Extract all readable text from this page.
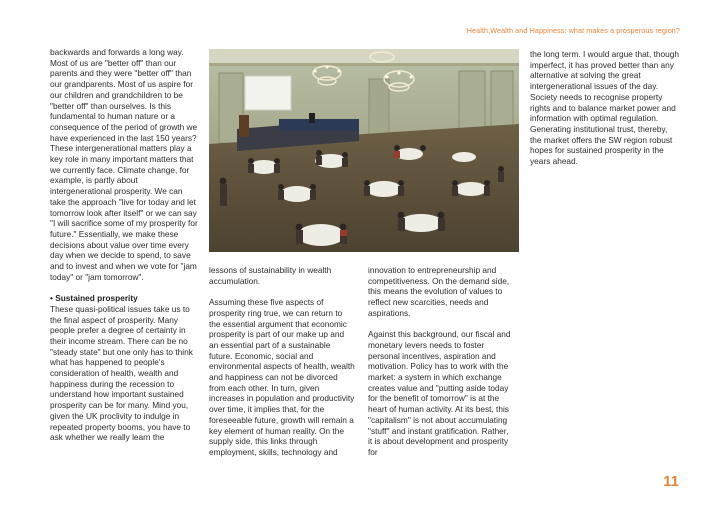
Health,Wealth and Happiness: what makes a prosperous region?

backwards and forwards a long way. Most of us are "better off" than our parents and they were "better off" than our grandparents. Most of us aspire for our children and grandchildren to be "better off" than ourselves. Is this fundamental to human nature or a consequence of the period of growth we have experienced in the last 150 years? These intergenerational matters play a key role in many important matters that we currently face. Climate change, for example, is partly about intergenerational prosperity. We can take the approach "live for today and let tomorrow look after itself" or we can say "I will sacrifice some of my prosperity for future." Essentially, we make these decisions about value over time every day when we decide to spend, to save and to invest and when we vote for "jam today" or "jam tomorrow".

• Sustained prosperity

These quasi-political issues take us to the final aspect of prosperity. Many people prefer a degree of certainty in their income stream. There can be no "steady state" but one only has to think what has happened to people's consideration of health, wealth and happiness during the recession to understand how important sustained prosperity can be for many. Mind you, given the UK proclivity to indulge in repeated property booms, you have to ask whether we really learn the

lessons of sustainability in wealth accumulation.

Assuming these five aspects of prosperity ring true, we can return to the essential argument that economic prosperity is part of our make up and an essential part of a sustainable future. Economic, social and environmental aspects of health, wealth and happiness can not be divorced from each other. In turn, given increases in population and productivity over time, it implies that, for the foreseeable future, growth will remain a key element of human reality. On the supply side, this links through employment, skills, technology and

innovation to entrepreneurship and competitiveness. On the demand side, this means the evolution of values to reflect new scarcities, needs and aspirations.

Against this background, our fiscal and monetary levers needs to foster personal incentives, aspiration and motivation. Policy has to work with the market: a system in which exchange creates value and "putting aside today for the benefit of tomorrow" is at the heart of human activity. At its best, this "capitalism" is not about accumulating "stuff" and instant gratification. Rather, it is about development and prosperity for

the long term. I would argue that, though imperfect, it has proved better than any alternative at solving the great intergenerational issues of the day. Society needs to recognise property rights and to balance market power and information with optimal regulation. Generating institutional trust, thereby, the market offers the SW region robust hopes for sustained prosperity in the years ahead.

11
